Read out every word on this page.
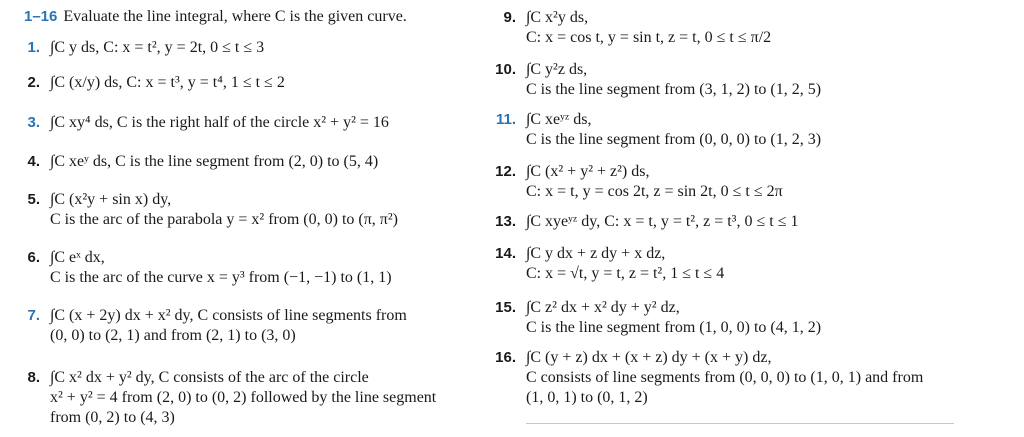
1–16 Evaluate the line integral, where C is the given curve.
1. ∫C y ds, C: x = t², y = 2t, 0 ≤ t ≤ 3
2. ∫C (x/y) ds, C: x = t³, y = t⁴, 1 ≤ t ≤ 2
3. ∫C xy⁴ ds, C is the right half of the circle x² + y² = 16
4. ∫C xeʸ ds, C is the line segment from (2, 0) to (5, 4)
5. ∫C (x²y + sin x) dy,
C is the arc of the parabola y = x² from (0, 0) to (π, π²)
6. ∫C eˣ dx,
C is the arc of the curve x = y³ from (−1, −1) to (1, 1)
7. ∫C (x + 2y) dx + x² dy, C consists of line segments from
(0, 0) to (2, 1) and from (2, 1) to (3, 0)
8. ∫C x² dx + y² dy, C consists of the arc of the circle
x² + y² = 4 from (2, 0) to (0, 2) followed by the line segment
from (0, 2) to (4, 3)
9. ∫C x²y ds,
C: x = cos t, y = sin t, z = t, 0 ≤ t ≤ π/2
10. ∫C y²z ds,
C is the line segment from (3, 1, 2) to (1, 2, 5)
11. ∫C xeʸᶻ ds,
C is the line segment from (0, 0, 0) to (1, 2, 3)
12. ∫C (x² + y² + z²) ds,
C: x = t, y = cos 2t, z = sin 2t, 0 ≤ t ≤ 2π
13. ∫C xyeʸᶻ dy, C: x = t, y = t², z = t³, 0 ≤ t ≤ 1
14. ∫C y dx + z dy + x dz,
C: x = √t, y = t, z = t², 1 ≤ t ≤ 4
15. ∫C z² dx + x² dy + y² dz,
C is the line segment from (1, 0, 0) to (4, 1, 2)
16. ∫C (y + z) dx + (x + z) dy + (x + y) dz,
C consists of line segments from (0, 0, 0) to (1, 0, 1) and from
(1, 0, 1) to (0, 1, 2)
